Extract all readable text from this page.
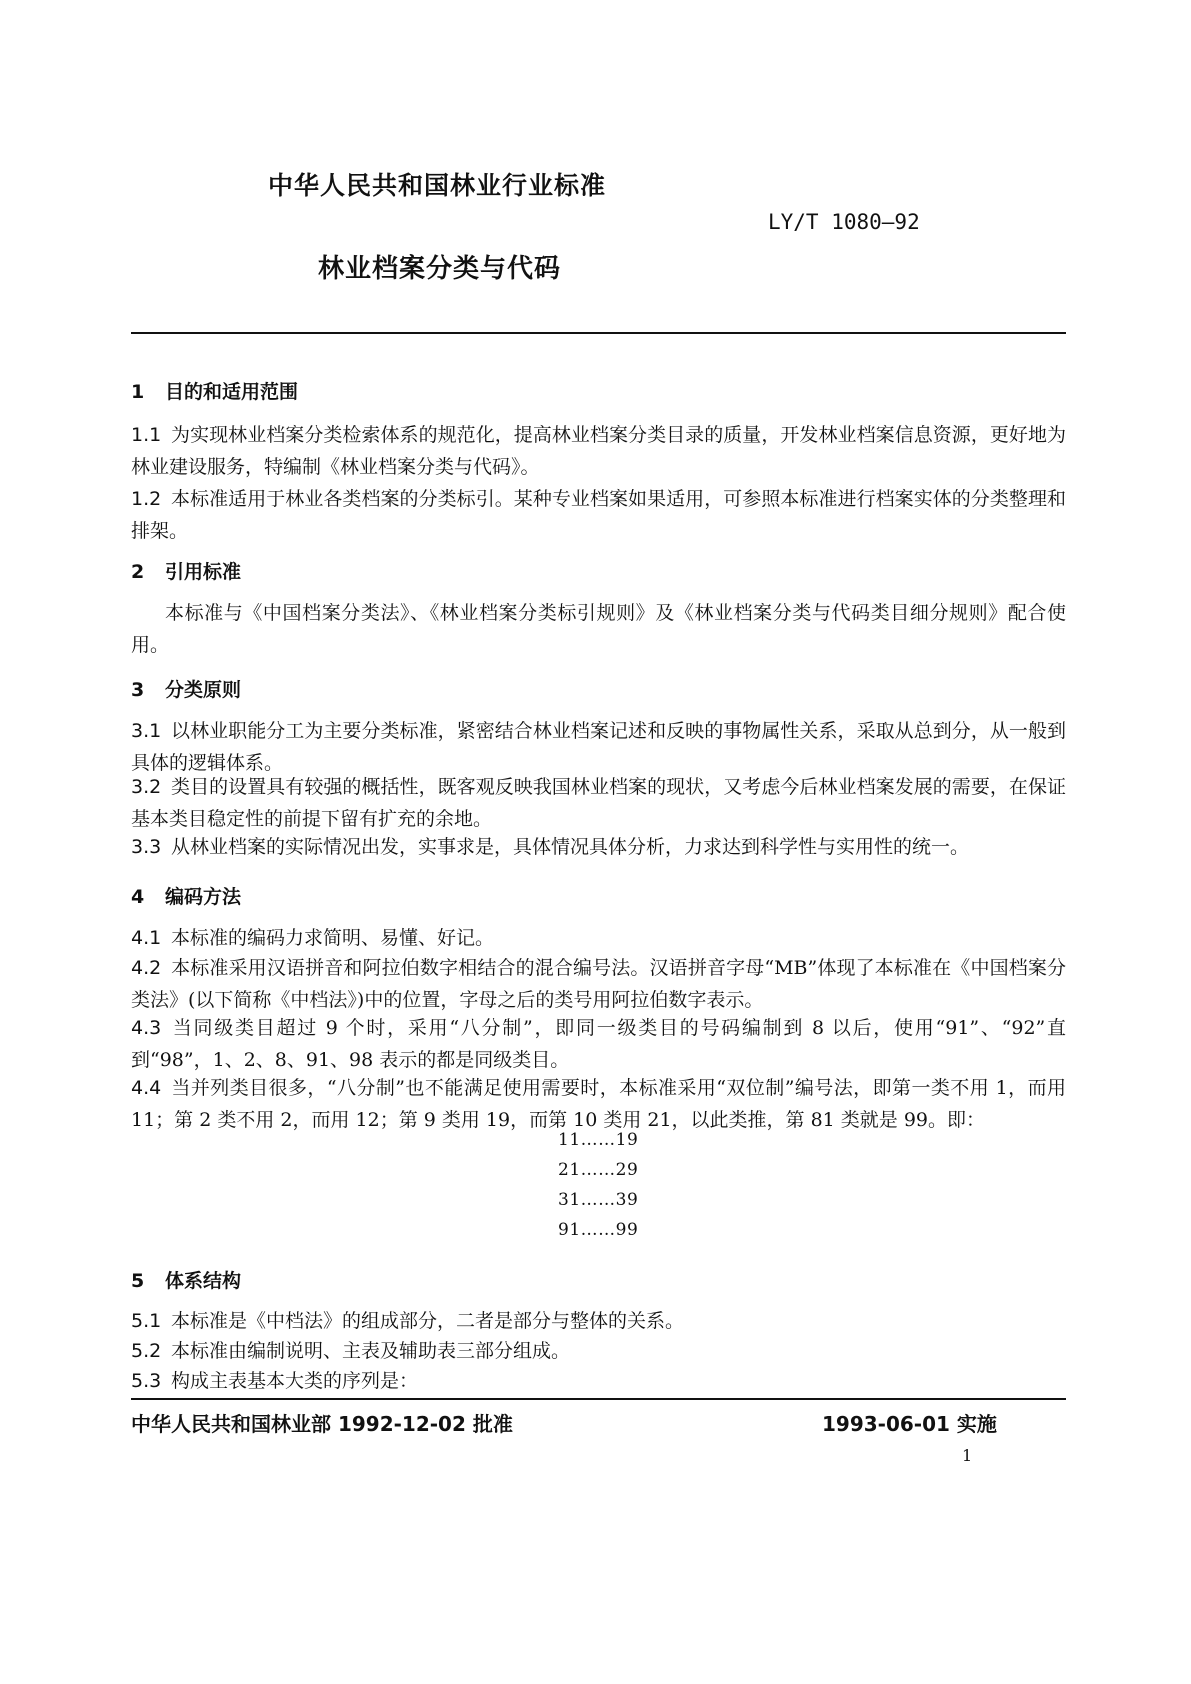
中华人民共和国林业行业标准
LY/T 1080—92
林业档案分类与代码
1 目的和适用范围
1.1 为实现林业档案分类检索体系的规范化，提高林业档案分类目录的质量，开发林业档案信息资源，更好地为林业建设服务，特编制《林业档案分类与代码》。
1.2 本标准适用于林业各类档案的分类标引。某种专业档案如果适用，可参照本标准进行档案实体的分类整理和排架。
2 引用标准
本标准与《中国档案分类法》、《林业档案分类标引规则》及《林业档案分类与代码类目细分规则》配合使用。
3 分类原则
3.1 以林业职能分工为主要分类标准，紧密结合林业档案记述和反映的事物属性关系，采取从总到分，从一般到具体的逻辑体系。
3.2 类目的设置具有较强的概括性，既客观反映我国林业档案的现状，又考虑今后林业档案发展的需要，在保证基本类目稳定性的前提下留有扩充的余地。
3.3 从林业档案的实际情况出发，实事求是，具体情况具体分析，力求达到科学性与实用性的统一。
4 编码方法
4.1 本标准的编码力求简明、易懂、好记。
4.2 本标准采用汉语拼音和阿拉伯数字相结合的混合编号法。汉语拼音字母“MB”体现了本标准在《中国档案分类法》(以下简称《中档法》)中的位置，字母之后的类号用阿拉伯数字表示。
4.3 当同级类目超过 9 个时，采用“八分制”，即同一级类目的号码编制到 8 以后，使用“91”、“92”直到“98”，1、2、8、91、98 表示的都是同级类目。
4.4 当并列类目很多，“八分制”也不能满足使用需要时，本标准采用“双位制”编号法，即第一类不用 1，而用 11；第 2 类不用 2，而用 12；第 9 类用 19，而第 10 类用 21，以此类推，第 81 类就是 99。即：
11……19
21……29
31……39
91……99
5 体系结构
5.1 本标准是《中档法》的组成部分，二者是部分与整体的关系。
5.2 本标准由编制说明、主表及辅助表三部分组成。
5.3 构成主表基本大类的序列是：
中华人民共和国林业部 1992-12-02 批准	1993-06-01 实施
1
